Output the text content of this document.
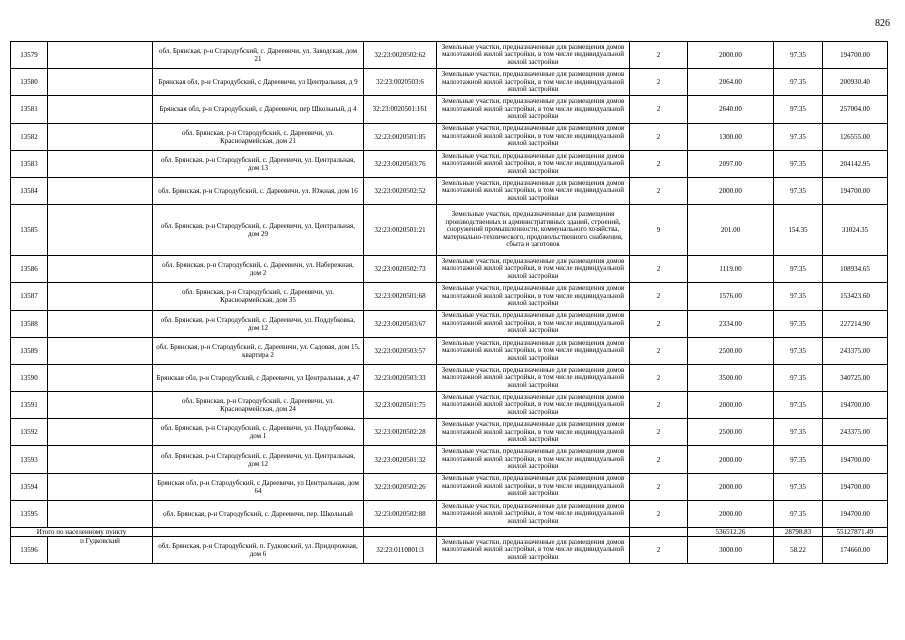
826
13579		обл. Брянская, р-н Стародубский, с. Дареевичи, ул. Заводская, дом 21	32:23:0020502:62	Земельные участки, предназначенные для размещения домов малоэтажной жилой застройки, в том числе индивидуальной жилой застройки	2	2000.00	97.35	194700.00
13580		Брянская обл, р-н Стародубский, с Дареевичи, ул Центральная, д 9	32:23:0020503:6	Земельные участки, предназначенные для размещения домов малоэтажной жилой застройки, в том числе индивидуальной жилой застройки	2	2064.00	97.35	200930.40
13581		Брянская обл, р-н Стародубский, с Дареевичи, пер Школьный, д 4	32:23:0020501:161	Земельные участки, предназначенные для размещения домов малоэтажной жилой застройки, в том числе индивидуальной жилой застройки	2	2640.00	97.35	257004.00
13582		обл. Брянская, р-н Стародубский, с. Дареевичи, ул. Красноармейская, дом 21	32:23:0020501:85	Земельные участки, предназначенные для размещения домов малоэтажной жилой застройки, в том числе индивидуальной жилой застройки	2	1300.00	97.35	126555.00
13583		обл. Брянская, р-н Стародубский, с. Дареевичи, ул. Центральная, дом 13	32:23:0020503:76	Земельные участки, предназначенные для размещения домов малоэтажной жилой застройки, в том числе индивидуальной жилой застройки	2	2097.00	97.35	204142.95
13584		обл. Брянская, р-н Стародубский, с. Дареевичи, ул. Южная, дом 16	32:23:0020502:52	Земельные участки, предназначенные для размещения домов малоэтажной жилой застройки, в том числе индивидуальной жилой застройки	2	2000.00	97.35	194700.00
13585		обл. Брянская, р-н Стародубский, с. Дареевичи, ул. Центральная, дом 29	32:23:0020501:21	Земельные участки, предназначенные для размещения производственных и административных зданий, строений, сооружений промышленности, коммунального хозяйства, материально-технического, продовольственного снабжения, сбыта и заготовок	9	201.00	154.35	31024.35
13586		обл. Брянская, р-н Стародубский, с. Дареевичи, ул. Набережная, дом 2	32:23:0020502:73	Земельные участки, предназначенные для размещения домов малоэтажной жилой застройки, в том числе индивидуальной жилой застройки	2	1119.00	97.35	108934.65
13587		обл. Брянская, р-н Стародубский, с. Дареевичи, ул. Красноармейская, дом 35	32:23:0020501:68	Земельные участки, предназначенные для размещения домов малоэтажной жилой застройки, в том числе индивидуальной жилой застройки	2	1576.00	97.35	153423.60
13588		обл. Брянская, р-н Стародубский, с. Дареевичи, ул. Поддубковка, дом 12	32:23:0020503:67	Земельные участки, предназначенные для размещения домов малоэтажной жилой застройки, в том числе индивидуальной жилой застройки	2	2334.00	97.35	227214.90
13589		обл. Брянская, р-н Стародубский, с. Дареевичи, ул. Садовая, дом 15, квартира 2	32:23:0020503:57	Земельные участки, предназначенные для размещения домов малоэтажной жилой застройки, в том числе индивидуальной жилой застройки	2	2500.00	97.35	243375.00
13590		Брянская обл, р-н Стародубский, с Дареевичи, ул Центральная, д 47	32:23:0020503:33	Земельные участки, предназначенные для размещения домов малоэтажной жилой застройки, в том числе индивидуальной жилой застройки	2	3500.00	97.35	340725.00
13591		обл. Брянская, р-н Стародубский, с. Дареевичи, ул. Красноармейская, дом 24	32:23:0020501:75	Земельные участки, предназначенные для размещения домов малоэтажной жилой застройки, в том числе индивидуальной жилой застройки	2	2000.00	97.35	194700.00
13592		обл. Брянская, р-н Стародубский, с. Дареевичи, ул. Поддубковка, дом 1	32:23:0020502:28	Земельные участки, предназначенные для размещения домов малоэтажной жилой застройки, в том числе индивидуальной жилой застройки	2	2500.00	97.35	243375.00
13593		обл. Брянская, р-н Стародубский, с. Дареевичи, ул. Центральная, дом 12	32:23:0020501:32	Земельные участки, предназначенные для размещения домов малоэтажной жилой застройки, в том числе индивидуальной жилой застройки	2	2000.00	97.35	194700.00
13594		Брянская обл, р-н Стародубский, с Дареевичи, ул Центральная, дом 64	32:23:0020502:26	Земельные участки, предназначенные для размещения домов малоэтажной жилой застройки, в том числе индивидуальной жилой застройки	2	2000.00	97.35	194700.00
13595		обл. Брянская, р-н Стародубский, с. Дареевичи, пер. Школьный	32:23:0020502:88	Земельные участки, предназначенные для размещения домов малоэтажной жилой застройки, в том числе индивидуальной жилой застройки	2	2000.00	97.35	194700.00
Итого по населенному пункту						536512.26	28798.83	55127871.49
13596	п Гудковский	обл. Брянская, р-н Стародубский, п. Гудковский, ул. Придорожная, дом 6	32:23:0110801:3	Земельные участки, предназначенные для размещения домов малоэтажной жилой застройки, в том числе индивидуальной жилой застройки	2	3000.00	58.22	174660.00
